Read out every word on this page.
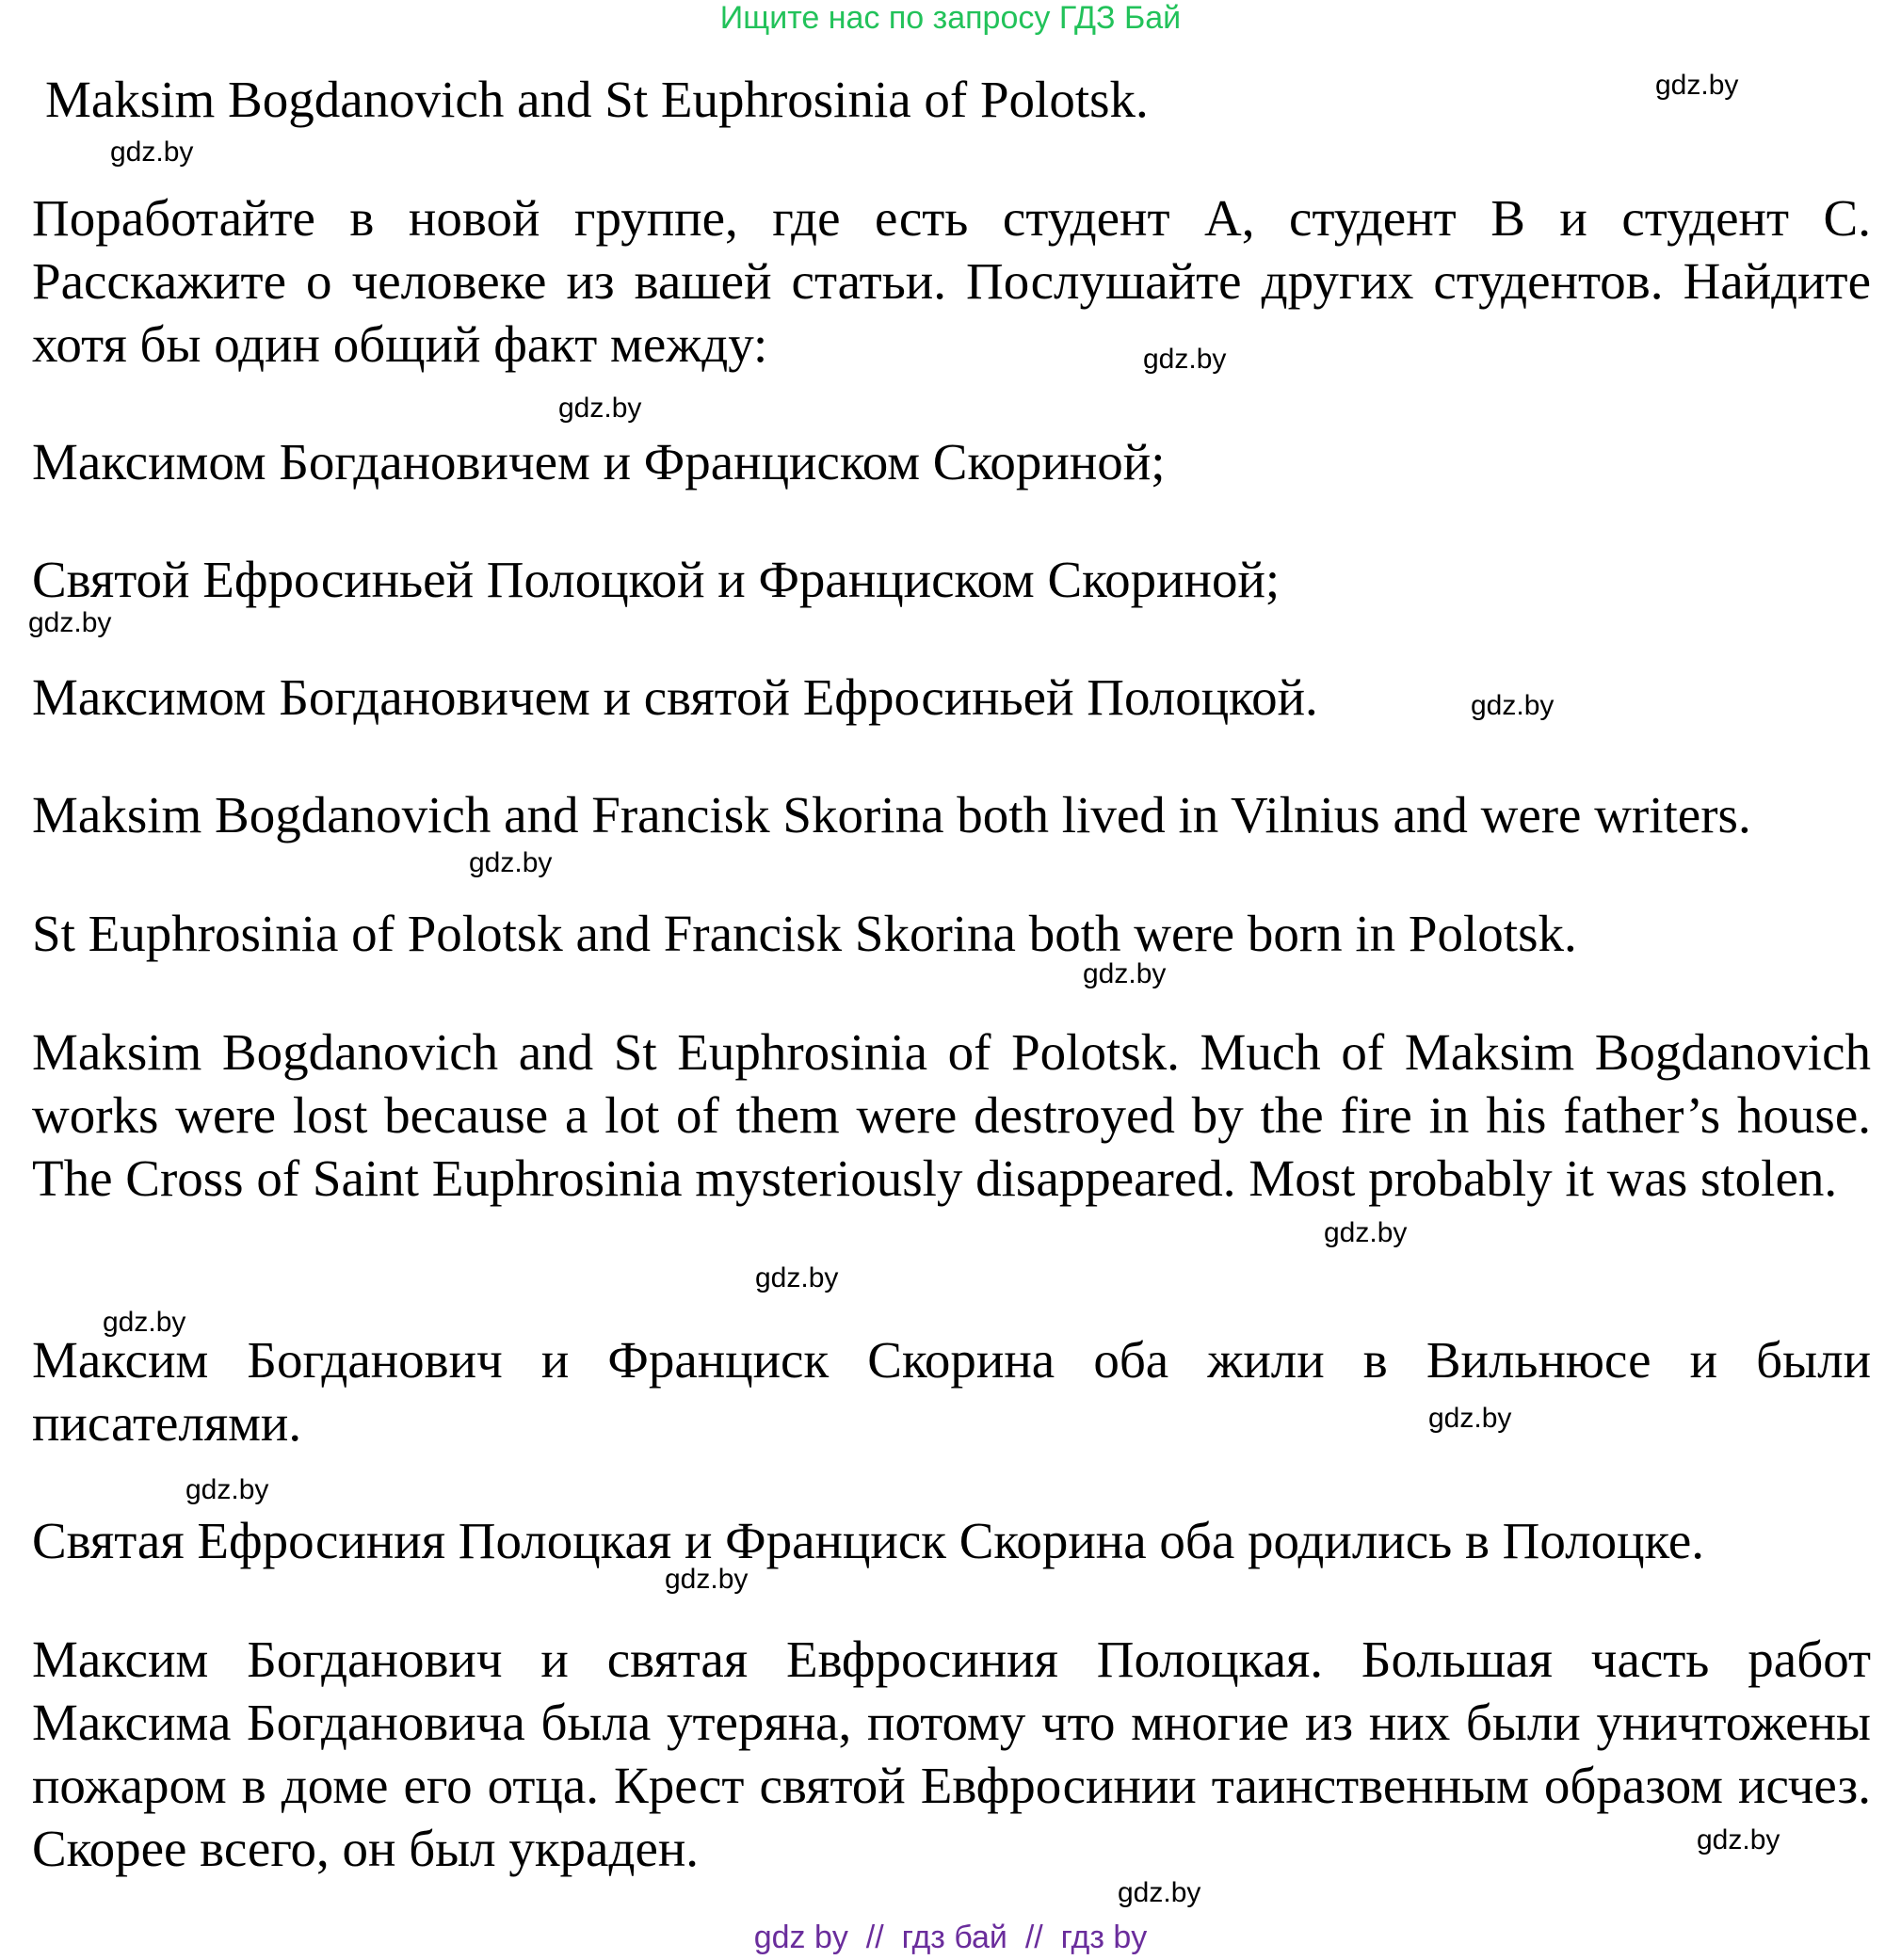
Ищите нас по запросу ГДЗ Бай

Maksim Bogdanovich and St Euphrosinia of Polotsk.

Поработайте в новой группе, где есть студент А, студент В и студент С. Расскажите о человеке из вашей статьи. Послушайте других студентов. Найдите хотя бы один общий факт между:

Максимом Богдановичем и Франциском Скориной;

Святой Ефросиньей Полоцкой и Франциском Скориной;

Максимом Богдановичем и святой Ефросиньей Полоцкой.

Maksim Bogdanovich and Francisk Skorina both lived in Vilnius and were writers.

St Euphrosinia of Polotsk and Francisk Skorina both were born in Polotsk.

Maksim Bogdanovich and St Euphrosinia of Polotsk. Much of Maksim Bogdanovich works were lost because a lot of them were destroyed by the fire in his father’s house. The Cross of Saint Euphrosinia mysteriously disappeared. Most probably it was stolen.

Максим Богданович и Франциск Скорина оба жили в Вильнюсе и были писателями.

Святая Ефросиния Полоцкая и Франциск Скорина оба родились в Полоцке.

Максим Богданович и святая Евфросиния Полоцкая. Большая часть работ Максима Богдановича была утеряна, потому что многие из них были уничтожены пожаром в доме его отца. Крест святой Евфросинии таинственным образом исчез. Скорее всего, он был украден.

gdz.by
gdz.by
gdz.by
gdz.by
gdz.by
gdz.by
gdz.by
gdz.by
gdz.by
gdz.by
gdz.by
gdz.by
gdz.by
gdz.by
gdz.by
gdz.by
gdz by  //  гдз бай  //  гдз by
